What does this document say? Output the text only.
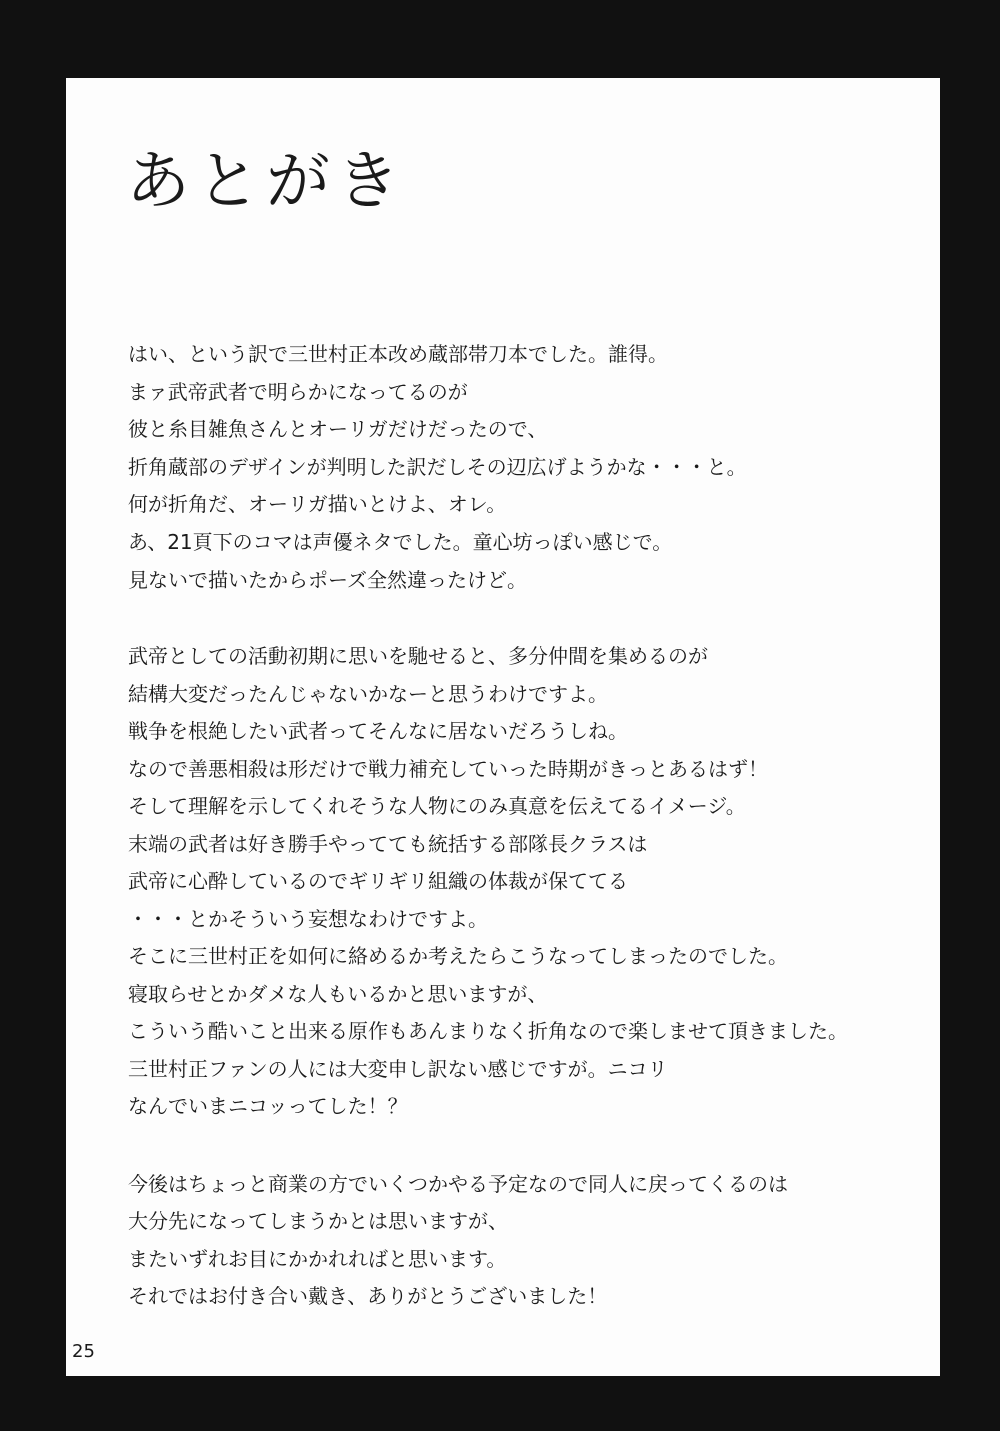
あとがき
はい、という訳で三世村正本改め蔵部帯刀本でした。誰得。
まァ武帝武者で明らかになってるのが
彼と糸目雑魚さんとオーリガだけだったので、
折角蔵部のデザインが判明した訳だしその辺広げようかな・・・と。
何が折角だ、オーリガ描いとけよ、オレ。
あ、21頁下のコマは声優ネタでした。童心坊っぽい感じで。
見ないで描いたからポーズ全然違ったけど。
武帝としての活動初期に思いを馳せると、多分仲間を集めるのが
結構大変だったんじゃないかなーと思うわけですよ。
戦争を根絶したい武者ってそんなに居ないだろうしね。
なので善悪相殺は形だけで戦力補充していった時期がきっとあるはず！
そして理解を示してくれそうな人物にのみ真意を伝えてるイメージ。
末端の武者は好き勝手やってても統括する部隊長クラスは
武帝に心酔しているのでギリギリ組織の体裁が保ててる
・・・とかそういう妄想なわけですよ。
そこに三世村正を如何に絡めるか考えたらこうなってしまったのでした。
寝取らせとかダメな人もいるかと思いますが、
こういう酷いこと出来る原作もあんまりなく折角なので楽しませて頂きました。
三世村正ファンの人には大変申し訳ない感じですが。ニコリ
なんでいまニコッってした！？
今後はちょっと商業の方でいくつかやる予定なので同人に戻ってくるのは
大分先になってしまうかとは思いますが、
またいずれお目にかかれればと思います。
それではお付き合い戴き、ありがとうございました！
25
